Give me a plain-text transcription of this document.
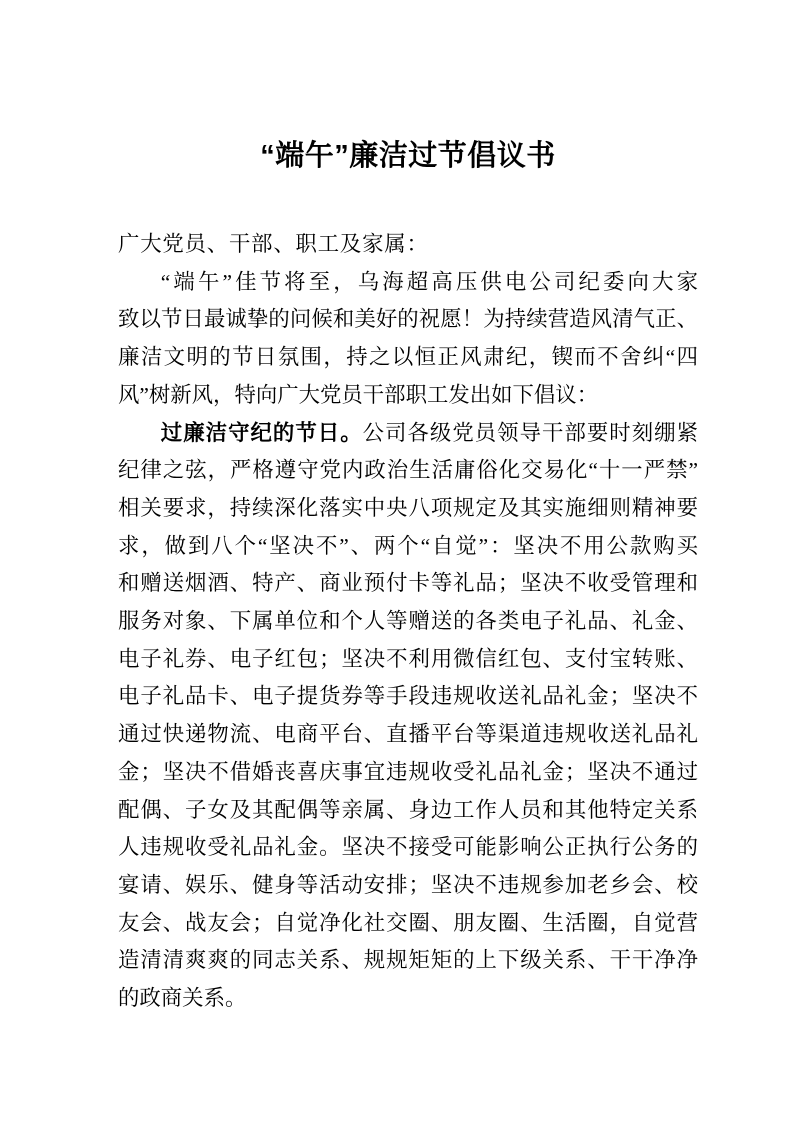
“端午”廉洁过节倡议书
广大党员、干部、职工及家属：
“端午”佳节将至，乌海超高压供电公司纪委向大家
致以节日最诚挚的问候和美好的祝愿！为持续营造风清气正、
廉洁文明的节日氛围，持之以恒正风肃纪，锲而不舍纠“四
风”树新风，特向广大党员干部职工发出如下倡议：
过廉洁守纪的节日。公司各级党员领导干部要时刻绷紧
纪律之弦，严格遵守党内政治生活庸俗化交易化“十一严禁”
相关要求，持续深化落实中央八项规定及其实施细则精神要
求，做到八个“坚决不”、两个“自觉”：坚决不用公款购买
和赠送烟酒、特产、商业预付卡等礼品；坚决不收受管理和
服务对象、下属单位和个人等赠送的各类电子礼品、礼金、
电子礼券、电子红包；坚决不利用微信红包、支付宝转账、
电子礼品卡、电子提货券等手段违规收送礼品礼金；坚决不
通过快递物流、电商平台、直播平台等渠道违规收送礼品礼
金；坚决不借婚丧喜庆事宜违规收受礼品礼金；坚决不通过
配偶、子女及其配偶等亲属、身边工作人员和其他特定关系
人违规收受礼品礼金。坚决不接受可能影响公正执行公务的
宴请、娱乐、健身等活动安排；坚决不违规参加老乡会、校
友会、战友会；自觉净化社交圈、朋友圈、生活圈，自觉营
造清清爽爽的同志关系、规规矩矩的上下级关系、干干净净
的政商关系。
